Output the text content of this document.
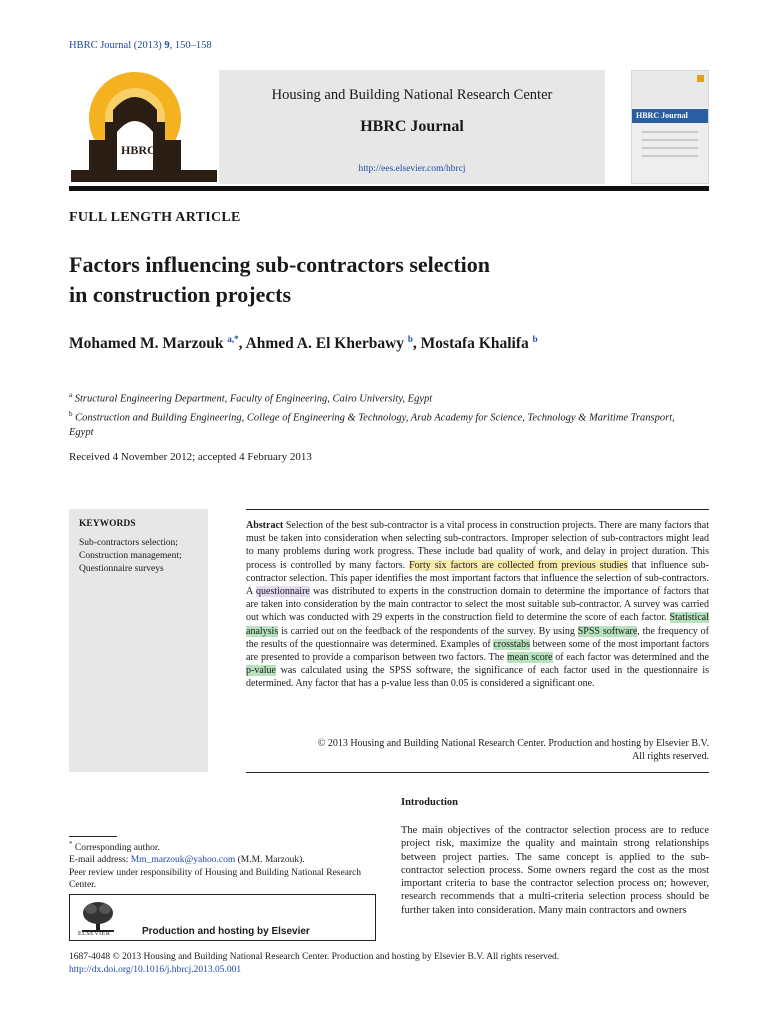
HBRC Journal (2013) 9, 150–158
HBRC
Housing and Building National Research Center
HBRC Journal
http://ees.elsevier.com/hbrcj
HBRC Journal
FULL LENGTH ARTICLE
Factors influencing sub-contractors selection
in construction projects
Mohamed M. Marzouk $^{a,*}$, Ahmed A. El Kherbawy $^b$, Mostafa Khalifa $^b$
$^a$ Structural Engineering Department, Faculty of Engineering, Cairo University, Egypt
$^b$ Construction and Building Engineering, College of Engineering & Technology, Arab Academy for Science, Technology & Maritime Transport, Egypt
Received 4 November 2012; accepted 4 February 2013
KEYWORDS
Sub-contractors selection;
Construction management;
Questionnaire surveys
Abstract Selection of the best sub-contractor is a vital process in construction projects. There are many factors that must be taken into consideration when selecting sub-contractors. Improper selection of sub-contractors might lead to many problems during work progress. These include bad quality of work, and delay in project duration. This process is controlled by many factors. Forty six factors are collected from previous studies that influence sub-contractor selection. This paper identifies the most important factors that influence the selection of sub-contractors. A questionnaire was distributed to experts in the construction domain to determine the importance of factors that are taken into consideration by the main contractor to select the most suitable sub-contractor. A survey was carried out which was conducted with 29 experts in the construction field to determine the score of each factor. Statistical analysis is carried out on the feedback of the respondents of the survey. By using SPSS software, the frequency of the results of the questionnaire was determined. Examples of crosstabs between some of the most important factors are presented to provide a comparison between two factors. The mean score of each factor was determined and the p-value was calculated using the SPSS software, the significance of each factor used in the questionnaire is determined. Any factor that has a p-value less than 0.05 is considered a significant one.
© 2013 Housing and Building National Research Center. Production and hosting by Elsevier B.V.
All rights reserved.
Introduction
The main objectives of the contractor selection process are to reduce project risk, maximize the quality and maintain strong relationships between project parties. The same concept is applied to the sub-contractor selection process. Some owners regard the cost as the most important criteria to base the contractor selection process on; however, research recommends that a multi-criteria selection process should be further taken into consideration. Many main contractors and owners
* Corresponding author.
E-mail address: Mm_marzouk@yahoo.com (M.M. Marzouk).
Peer review under responsibility of Housing and Building National Research Center.
ELSEVIER	Production and hosting by Elsevier
1687-4048 © 2013 Housing and Building National Research Center. Production and hosting by Elsevier B.V. All rights reserved.
http://dx.doi.org/10.1016/j.hbrcj.2013.05.001
